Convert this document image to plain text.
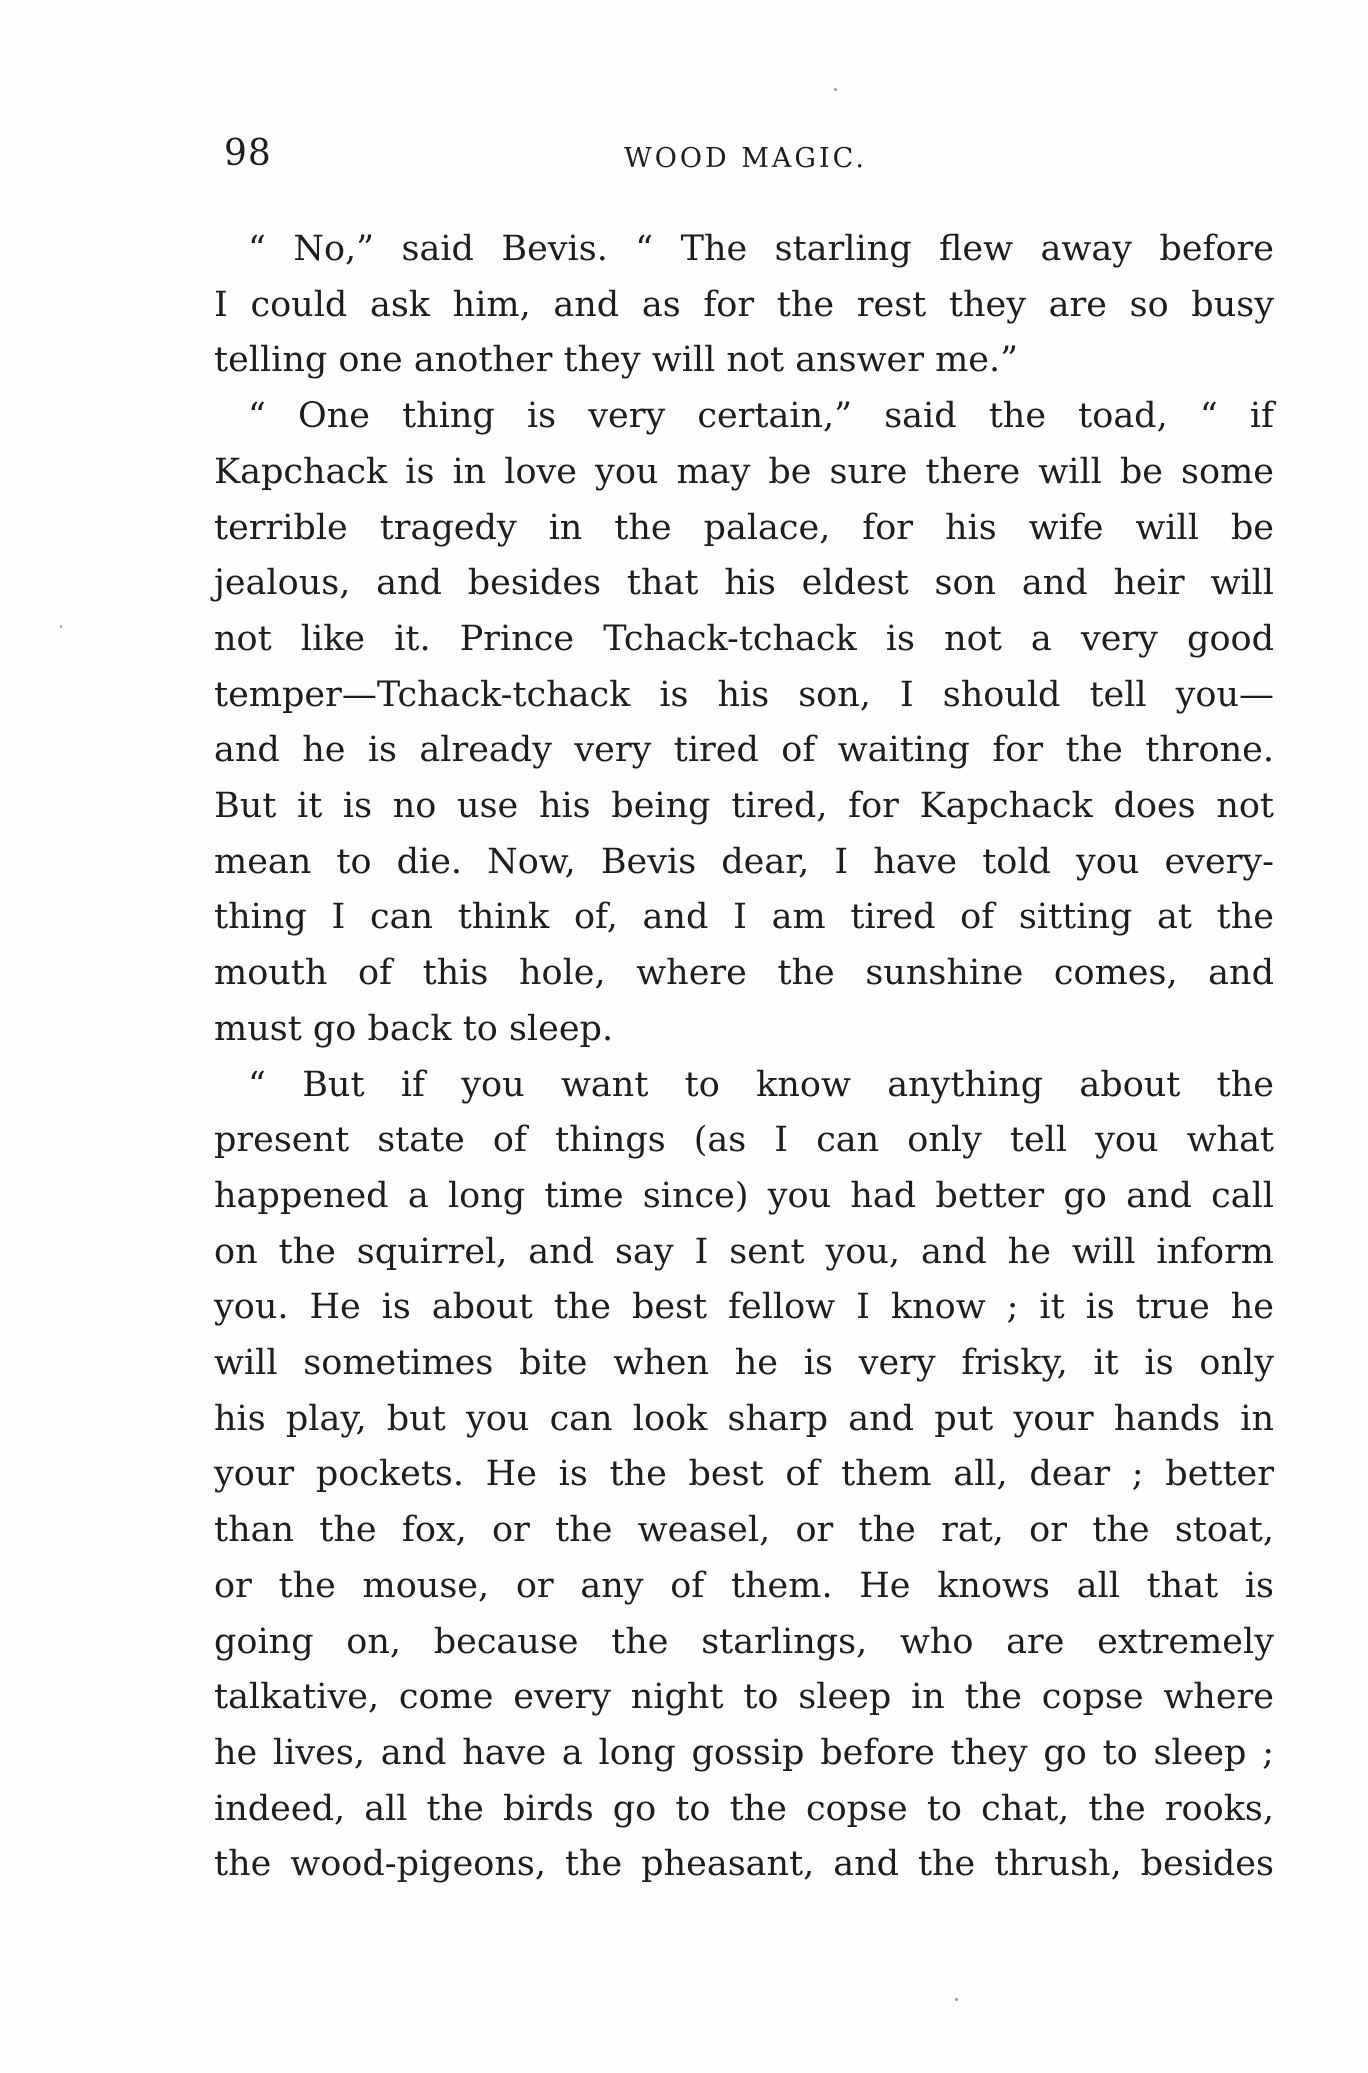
98	WOOD MAGIC.
“ No,” said Bevis. “ The starling flew away before
I could ask him, and as for the rest they are so busy
telling one another they will not answer me.”
“ One thing is very certain,” said the toad, “ if
Kapchack is in love you may be sure there will be some
terrible tragedy in the palace, for his wife will be
jealous, and besides that his eldest son and heir will
not like it. Prince Tchack-tchack is not a very good
temper—Tchack-tchack is his son, I should tell you—
and he is already very tired of waiting for the throne.
But it is no use his being tired, for Kapchack does not
mean to die. Now, Bevis dear, I have told you every-
thing I can think of, and I am tired of sitting at the
mouth of this hole, where the sunshine comes, and
must go back to sleep.
“ But if you want to know anything about the
present state of things (as I can only tell you what
happened a long time since) you had better go and call
on the squirrel, and say I sent you, and he will inform
you. He is about the best fellow I know ; it is true he
will sometimes bite when he is very frisky, it is only
his play, but you can look sharp and put your hands in
your pockets. He is the best of them all, dear ; better
than the fox, or the weasel, or the rat, or the stoat,
or the mouse, or any of them. He knows all that is
going on, because the starlings, who are extremely
talkative, come every night to sleep in the copse where
he lives, and have a long gossip before they go to sleep ;
indeed, all the birds go to the copse to chat, the rooks,
the wood-pigeons, the pheasant, and the thrush, besides
